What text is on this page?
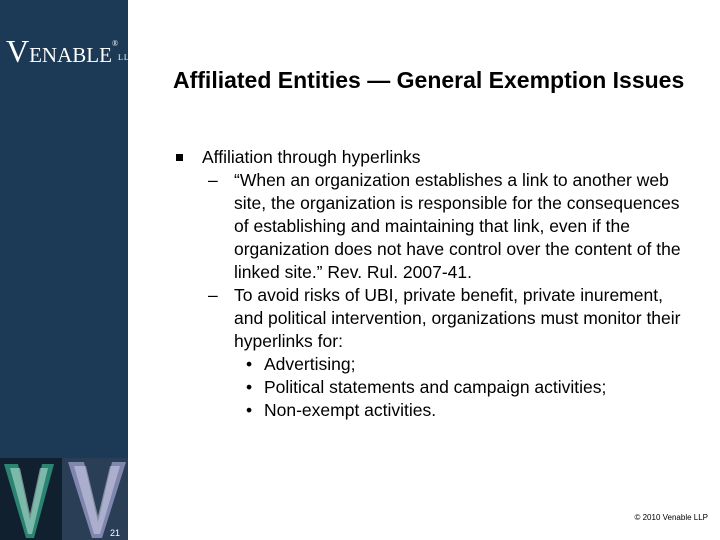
VENABLE®LLP
21
Affiliated Entities — General Exemption Issues
Affiliation through hyperlinks
– “When an organization establishes a link to another web site, the organization is responsible for the consequences of establishing and maintaining that link, even if the organization does not have control over the content of the linked site.” Rev. Rul. 2007-41.
– To avoid risks of UBI, private benefit, private inurement, and political intervention, organizations must monitor their hyperlinks for:
• Advertising;
• Political statements and campaign activities;
• Non-exempt activities.
© 2010 Venable LLP
